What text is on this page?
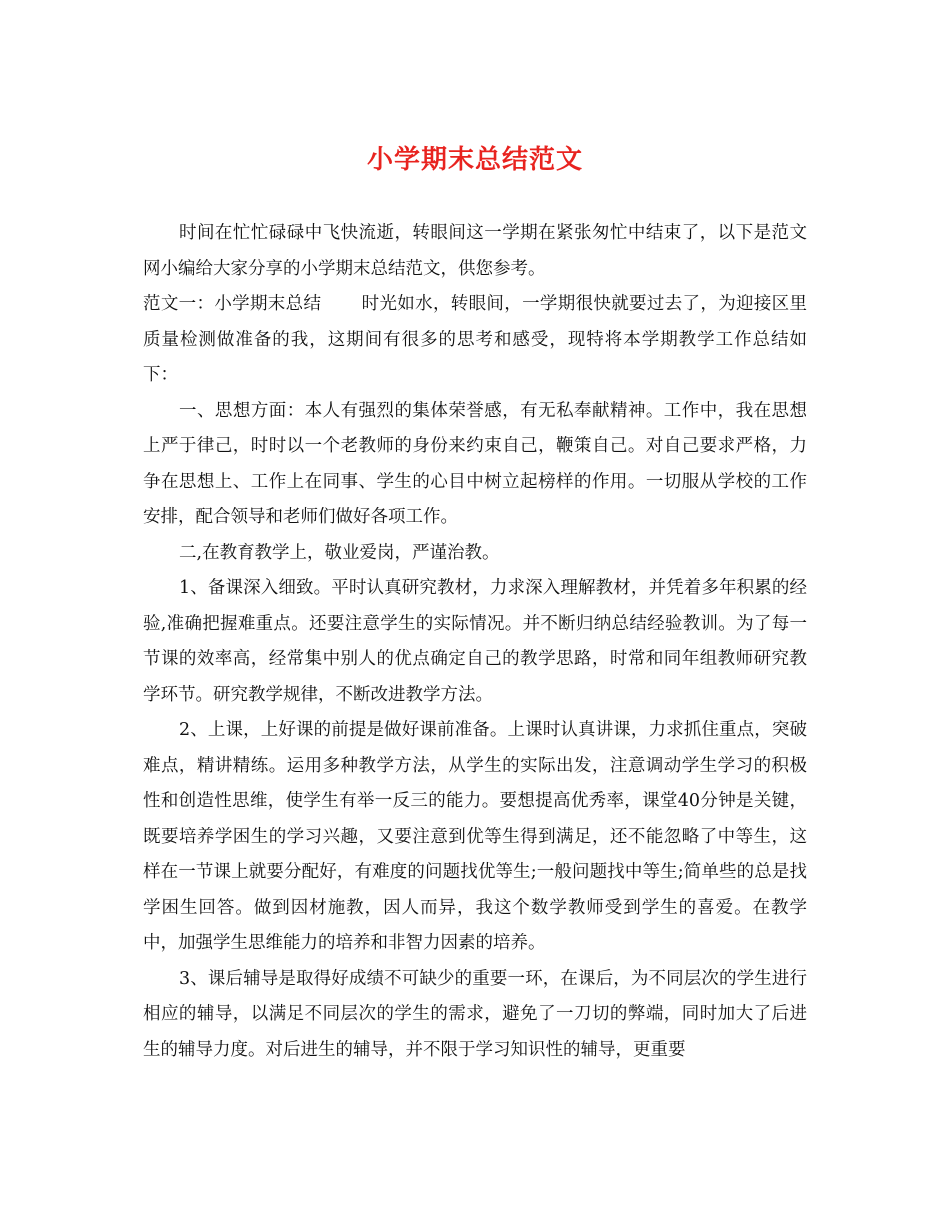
小学期末总结范文

时间在忙忙碌碌中飞快流逝，转眼间这一学期在紧张匆忙中结束了，以下是范文网小编给大家分享的小学期末总结范文，供您参考。

范文一：小学期末总结 时光如水，转眼间，一学期很快就要过去了，为迎接区里质量检测做准备的我，这期间有很多的思考和感受，现特将本学期教学工作总结如下：

一、思想方面：本人有强烈的集体荣誉感，有无私奉献精神。工作中，我在思想上严于律己，时时以一个老教师的身份来约束自己，鞭策自己。对自己要求严格，力争在思想上、工作上在同事、学生的心目中树立起榜样的作用。一切服从学校的工作安排，配合领导和老师们做好各项工作。

二,在教育教学上，敬业爱岗，严谨治教。

1、备课深入细致。平时认真研究教材，力求深入理解教材，并凭着多年积累的经验,准确把握难重点。还要注意学生的实际情况。并不断归纳总结经验教训。为了每一节课的效率高，经常集中别人的优点确定自己的教学思路，时常和同年组教师研究教学环节。研究教学规律，不断改进教学方法。

2、上课，上好课的前提是做好课前准备。上课时认真讲课，力求抓住重点，突破难点，精讲精练。运用多种教学方法，从学生的实际出发，注意调动学生学习的积极性和创造性思维，使学生有举一反三的能力。要想提高优秀率，课堂40分钟是关键，既要培养学困生的学习兴趣，又要注意到优等生得到满足，还不能忽略了中等生，这样在一节课上就要分配好，有难度的问题找优等生;一般问题找中等生;简单些的总是找学困生回答。做到因材施教，因人而异，我这个数学教师受到学生的喜爱。在教学中，加强学生思维能力的培养和非智力因素的培养。

3、课后辅导是取得好成绩不可缺少的重要一环，在课后，为不同层次的学生进行相应的辅导，以满足不同层次的学生的需求，避免了一刀切的弊端，同时加大了后进生的辅导力度。对后进生的辅导，并不限于学习知识性的辅导，更重要
